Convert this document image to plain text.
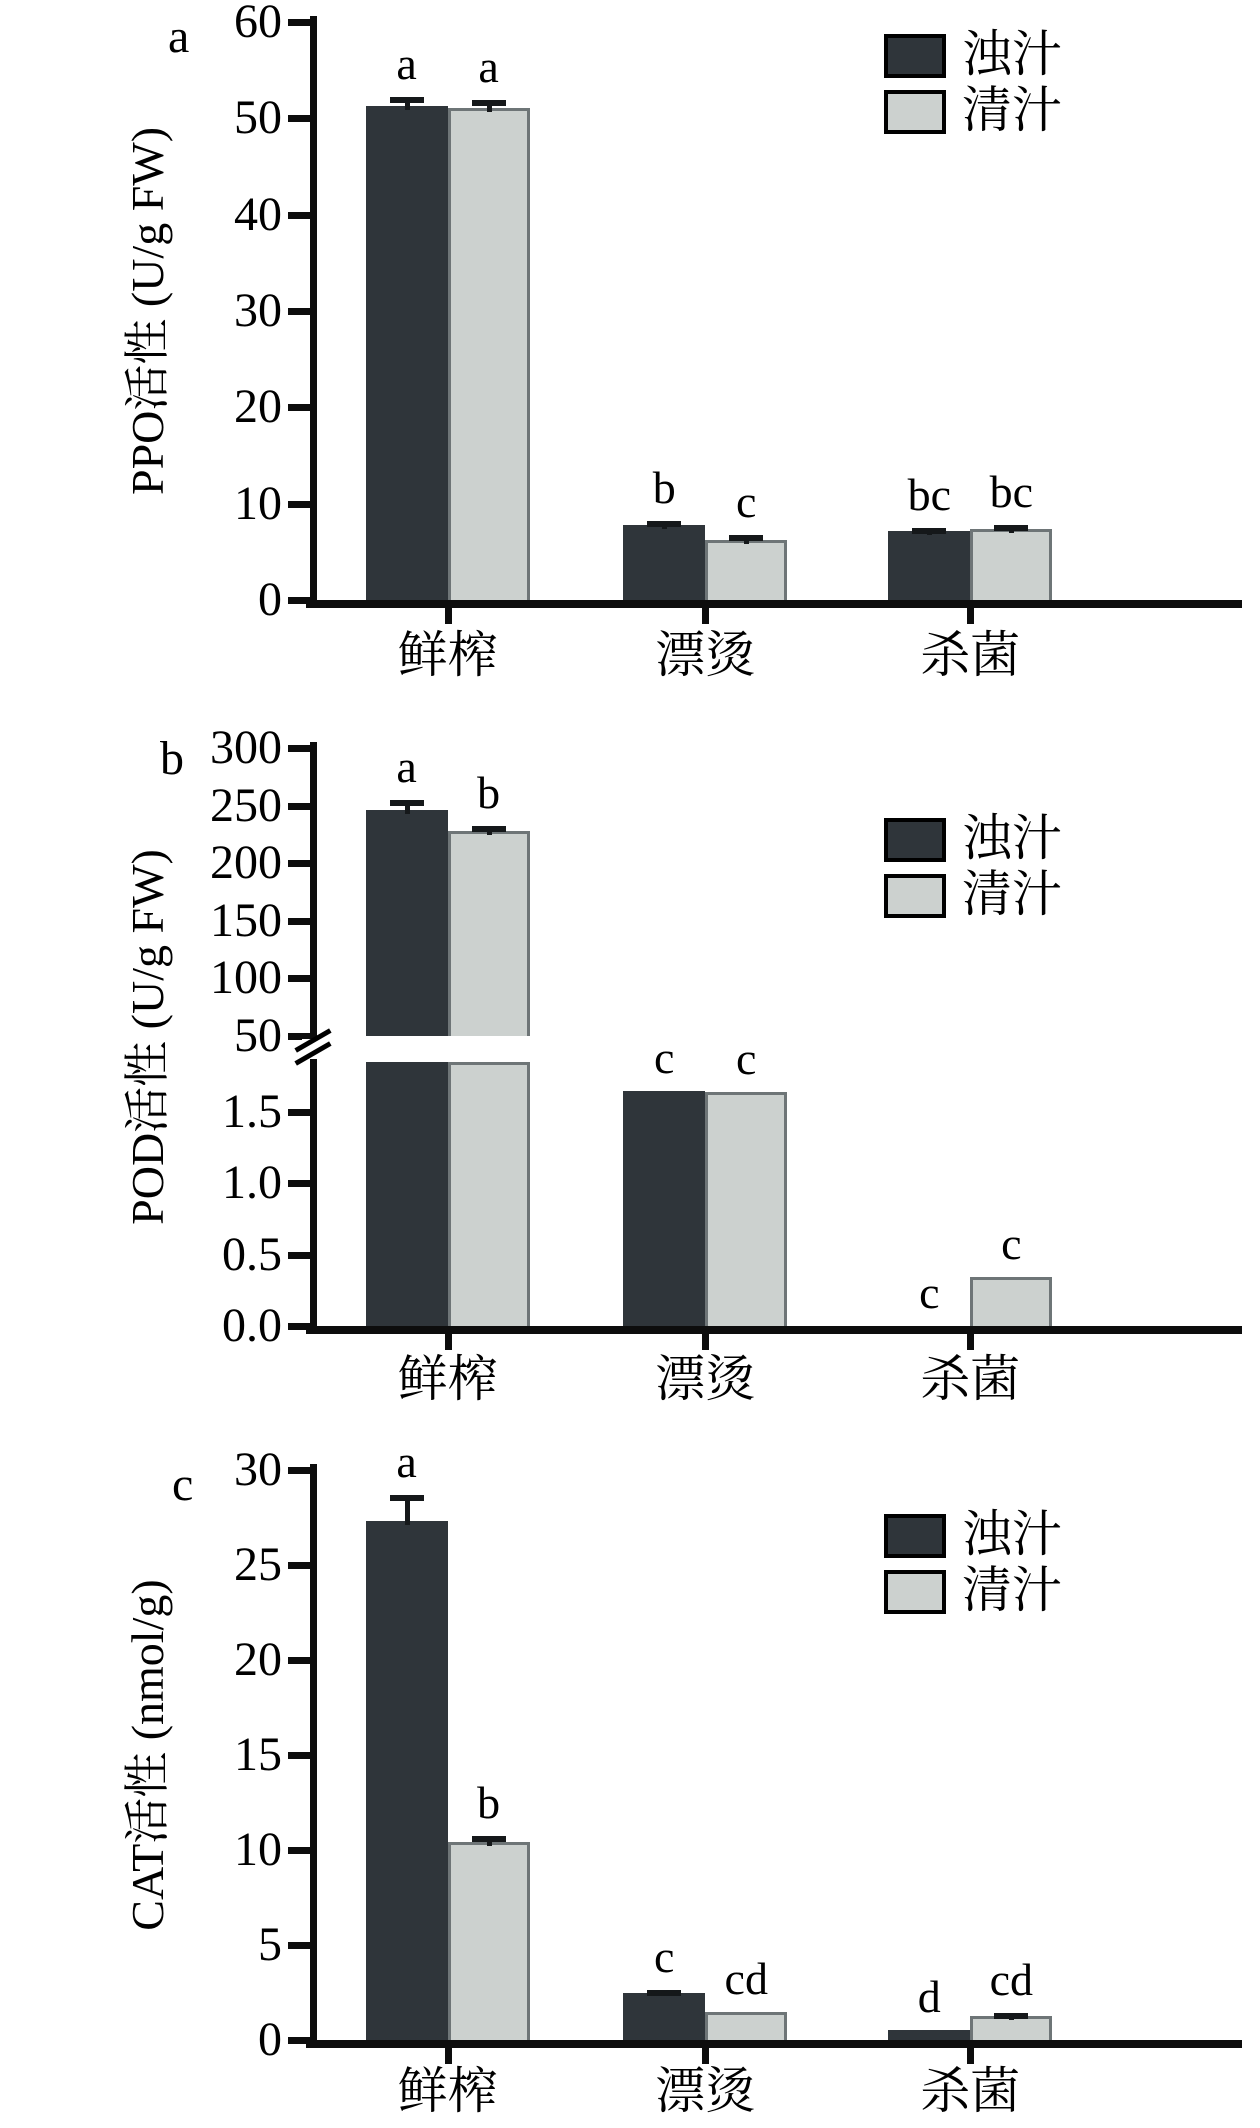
a
PPO活性 (U/g FW)
0
10
20
30
40
50
60
鲜榨	漂烫	杀菌
a
b	bc
a
c	bc
浊汁
清汁
b
POD活性 (U/g FW)	50
100
150
200
250
300
0.0
0.5
1.0
1.5
鲜榨	漂烫	杀菌
a
c
c
b
c
c
浊汁
清汁
c
CAT活性 (nmol/g)
0
5
10
15
20
25
30
鲜榨	漂烫	杀菌
a
c
d
b
cd	cd
浊汁
清汁
